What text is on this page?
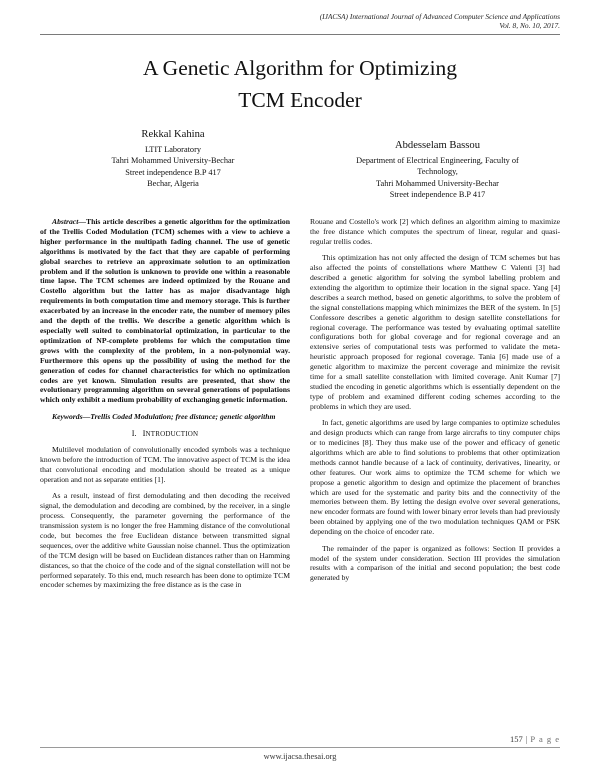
(IJACSA) International Journal of Advanced Computer Science and Applications
Vol. 8, No. 10, 2017.
A Genetic Algorithm for Optimizing
TCM Encoder
Rekkal Kahina
LTIT Laboratory
Tahri Mohammed University-Bechar
Street independence B.P 417
Bechar, Algeria
Abdesselam Bassou
Department of Electrical Engineering, Faculty of
Technology,
Tahri Mohammed University-Bechar
Street independence B.P 417

Abstract—This article describes a genetic algorithm for the optimization of the Trellis Coded Modulation (TCM) schemes with a view to achieve a higher performance in the multipath fading channel. The use of genetic algorithms is motivated by the fact that they are capable of performing global searches to retrieve an approximate solution to an optimization problem and if the solution is unknown to provide one within a reasonable time lapse. The TCM schemes are indeed optimized by the Rouane and Costello algorithm but the latter has as major disadvantage high requirements in both computation time and memory storage. This is further exacerbated by an increase in the encoder rate, the number of memory piles and the depth of the trellis. We describe a genetic algorithm which is especially well suited to combinatorial optimization, in particular to the optimization of NP-complete problems for which the computation time grows with the complexity of the problem, in a non-polynomial way. Furthermore this opens up the possibility of using the method for the generation of codes for channel characteristics for which no optimization codes are yet known. Simulation results are presented, that show the evolutionary programming algorithm on several generations of populations which only exhibit a medium probability of exchanging genetic information.

Keywords—Trellis Coded Modulation; free distance; genetic algorithm

I. INTRODUCTION

Multilevel modulation of convolutionally encoded symbols was a technique known before the introduction of TCM. The innovative aspect of TCM is the idea that convolutional encoding and modulation should be treated as a unique operation and not as separate entities [1].

As a result, instead of first demodulating and then decoding the received signal, the demodulation and decoding are combined, by the receiver, in a single process. Consequently, the parameter governing the performance of the transmission system is no longer the free Hamming distance of the convolutional code, but becomes the free Euclidean distance between transmitted signal sequences, over the additive white Gaussian noise channel. Thus the optimization of the TCM design will be based on Euclidean distances rather than on Hamming distances, so that the choice of the code and of the signal constellation will not be performed separately. To this end, much research has been done to optimize TCM encoder schemes by maximizing the free distance as is the case in

Rouane and Costello's work [2] which defines an algorithm aiming to maximize the free distance which computes the spectrum of linear, regular and quasi-regular trellis codes.

This optimization has not only affected the design of TCM schemes but has also affected the points of constellations where Matthew C Valenti [3] had described a genetic algorithm for solving the symbol labelling problem and extending the algorithm to optimize their location in the signal space. Yang [4] describes a search method, based on genetic algorithms, to solve the problem of the signal constellations mapping which minimizes the BER of the system. In [5] Confessore describes a genetic algorithm to design satellite constellations for regional coverage. The performance was tested by evaluating optimal satellite configurations both for global coverage and for regional coverage and an extensive series of computational tests was performed to validate the meta-heuristic approach proposed for regional coverage. Tania [6] made use of a genetic algorithm to maximize the percent coverage and minimize the revisit time for a small satellite constellation with limited coverage. Anit Kumar [7] studied the encoding in genetic algorithms which is essentially dependent on the type of problem and examined different coding schemes according to the problems in which they are used.

In fact, genetic algorithms are used by large companies to optimize schedules and design products which can range from large aircrafts to tiny computer chips or to medicines [8]. They thus make use of the power and efficacy of genetic algorithms which are able to find solutions to problems that other optimization methods cannot handle because of a lack of continuity, derivatives, linearity, or other features. Our work aims to optimize the TCM scheme for which we propose a genetic algorithm to design and optimize the placement of branches which are used for the systematic and parity bits and the connectivity of the memories between them. By letting the design evolve over several generations, new encoder formats are found with lower binary error levels than had previously been obtained by applying one of the two modulation techniques QAM or PSK depending on the choice of encoder rate.

The remainder of the paper is organized as follows: Section II provides a model of the system under consideration. Section III provides the simulation results with a comparison of the initial and second population; the best code generated by

157 | P a g e
www.ijacsa.thesai.org
